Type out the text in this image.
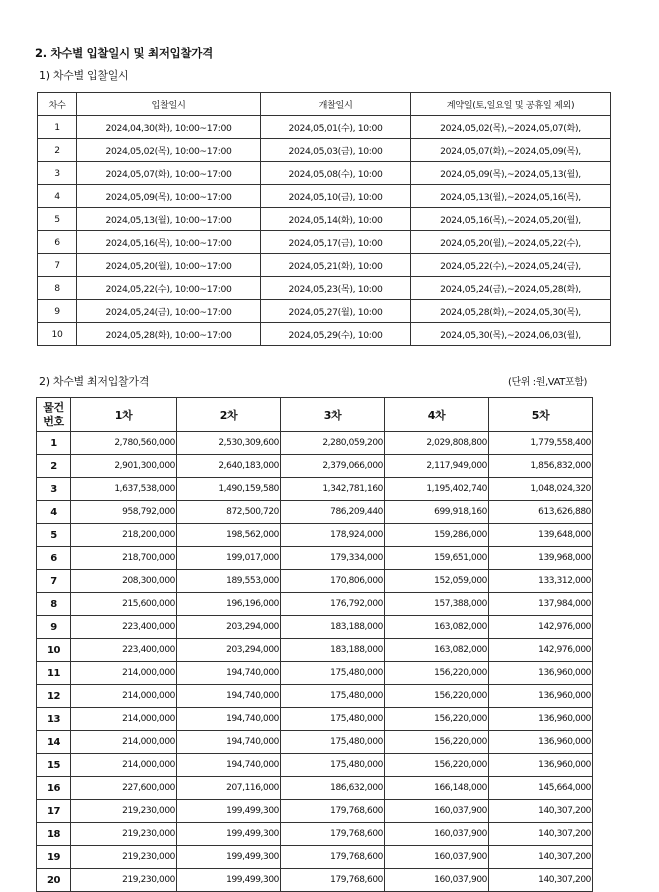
2. 차수별 입찰일시 및 최저입찰가격
1) 차수별 입찰일시
차수	입찰일시	개찰일시	계약일(토,일요일 및 공휴일 제외)
1	2024,04,30(화), 10:00~17:00	2024,05,01(수), 10:00	2024,05,02(목),~2024,05,07(화),
2	2024,05,02(목), 10:00~17:00	2024,05,03(금), 10:00	2024,05,07(화),~2024,05,09(목),
3	2024,05,07(화), 10:00~17:00	2024,05,08(수), 10:00	2024,05,09(목),~2024,05,13(월),
4	2024,05,09(목), 10:00~17:00	2024,05,10(금), 10:00	2024,05,13(월),~2024,05,16(목),
5	2024,05,13(월), 10:00~17:00	2024,05,14(화), 10:00	2024,05,16(목),~2024,05,20(월),
6	2024,05,16(목), 10:00~17:00	2024,05,17(금), 10:00	2024,05,20(월),~2024,05,22(수),
7	2024,05,20(월), 10:00~17:00	2024,05,21(화), 10:00	2024,05,22(수),~2024,05,24(금),
8	2024,05,22(수), 10:00~17:00	2024,05,23(목), 10:00	2024,05,24(금),~2024,05,28(화),
9	2024,05,24(금), 10:00~17:00	2024,05,27(월), 10:00	2024,05,28(화),~2024,05,30(목),
10	2024,05,28(화), 10:00~17:00	2024,05,29(수), 10:00	2024,05,30(목),~2024,06,03(월),
2) 차수별 최저입찰가격	(단위 :원,VAT포함)
물건
번호	1차	2차	3차	4차	5차
1	2,780,560,000	2,530,309,600	2,280,059,200	2,029,808,800	1,779,558,400
2	2,901,300,000	2,640,183,000	2,379,066,000	2,117,949,000	1,856,832,000
3	1,637,538,000	1,490,159,580	1,342,781,160	1,195,402,740	1,048,024,320
4	958,792,000	872,500,720	786,209,440	699,918,160	613,626,880
5	218,200,000	198,562,000	178,924,000	159,286,000	139,648,000
6	218,700,000	199,017,000	179,334,000	159,651,000	139,968,000
7	208,300,000	189,553,000	170,806,000	152,059,000	133,312,000
8	215,600,000	196,196,000	176,792,000	157,388,000	137,984,000
9	223,400,000	203,294,000	183,188,000	163,082,000	142,976,000
10	223,400,000	203,294,000	183,188,000	163,082,000	142,976,000
11	214,000,000	194,740,000	175,480,000	156,220,000	136,960,000
12	214,000,000	194,740,000	175,480,000	156,220,000	136,960,000
13	214,000,000	194,740,000	175,480,000	156,220,000	136,960,000
14	214,000,000	194,740,000	175,480,000	156,220,000	136,960,000
15	214,000,000	194,740,000	175,480,000	156,220,000	136,960,000
16	227,600,000	207,116,000	186,632,000	166,148,000	145,664,000
17	219,230,000	199,499,300	179,768,600	160,037,900	140,307,200
18	219,230,000	199,499,300	179,768,600	160,037,900	140,307,200
19	219,230,000	199,499,300	179,768,600	160,037,900	140,307,200
20	219,230,000	199,499,300	179,768,600	160,037,900	140,307,200
